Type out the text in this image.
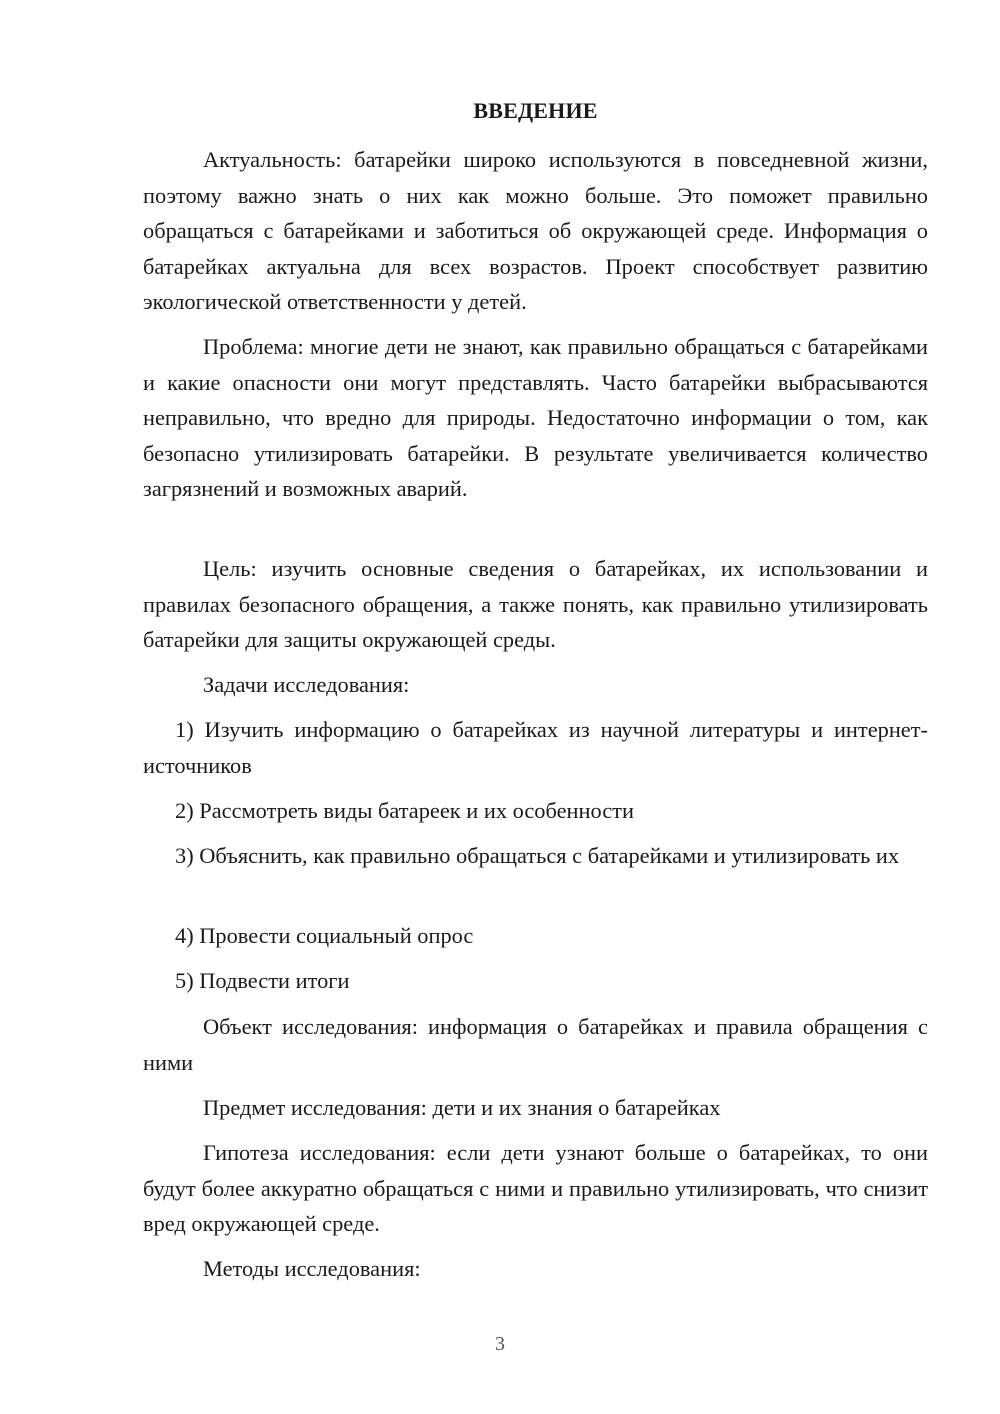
ВВЕДЕНИЕ

Актуальность: батарейки широко используются в повседневной жизни, поэтому важно знать о них как можно больше. Это поможет правильно обращаться с батарейками и заботиться об окружающей среде. Информация о батарейках актуальна для всех возрастов. Проект способствует развитию экологической ответственности у детей.

Проблема: многие дети не знают, как правильно обращаться с батарейками и какие опасности они могут представлять. Часто батарейки выбрасываются неправильно, что вредно для природы. Недостаточно информации о том, как безопасно утилизировать батарейки. В результате увеличивается количество загрязнений и возможных аварий.

Цель: изучить основные сведения о батарейках, их использовании и правилах безопасного обращения, а также понять, как правильно утилизировать батарейки для защиты окружающей среды.

Задачи исследования:

1) Изучить информацию о батарейках из научной литературы и интернет-источников

2) Рассмотреть виды батареек и их особенности

3) Объяснить, как правильно обращаться с батарейками и утилизировать их

4) Провести социальный опрос

5) Подвести итоги

Объект исследования: информация о батарейках и правила обращения с ними

Предмет исследования: дети и их знания о батарейках

Гипотеза исследования: если дети узнают больше о батарейках, то они будут более аккуратно обращаться с ними и правильно утилизировать, что снизит вред окружающей среде.

Методы исследования:

3
